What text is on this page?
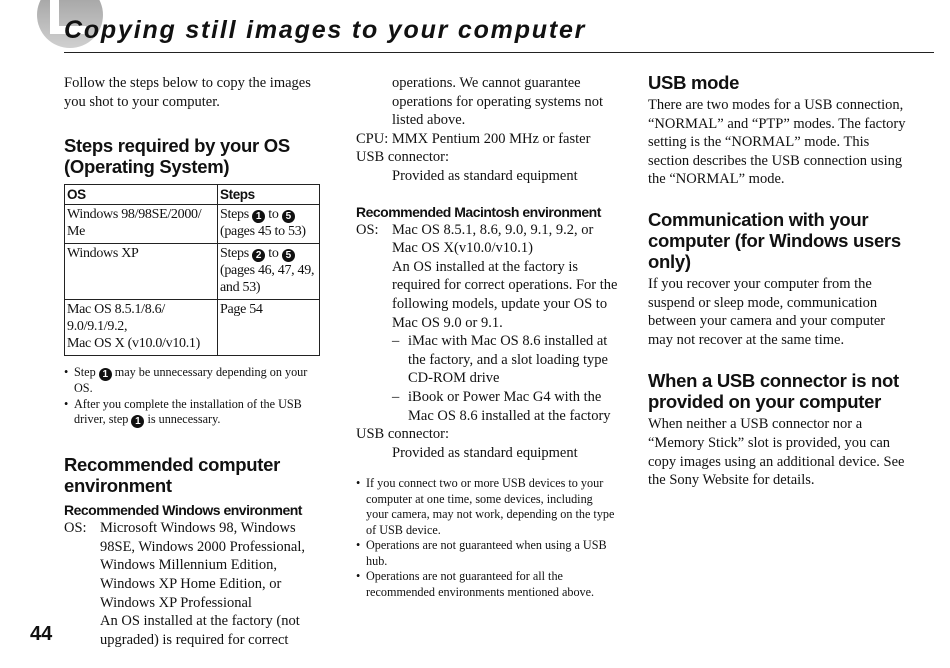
Copying still images to your computer

Follow the steps below to copy the images you shot to your computer.

Steps required by your OS (Operating System)
OS	Steps
Windows 98/98SE/2000/ Me	Steps 1 to 5
(pages 45 to 53)
Windows XP	Steps 2 to 5
(pages 46, 47, 49, and 53)
Mac OS 8.5.1/8.6/
9.0/9.1/9.2,
Mac OS X (v10.0/v10.1)	Page 54
• Step 1 may be unnecessary depending on your OS.
• After you complete the installation of the USB driver, step 1 is unnecessary.
Recommended computer environment
Recommended Windows environment
OS: Microsoft Windows 98, Windows 98SE, Windows 2000 Professional, Windows Millennium Edition, Windows XP Home Edition, or Windows XP Professional

An OS installed at the factory (not upgraded) is required for correct

operations. We cannot guarantee operations for operating systems not listed above.

CPU: MMX Pentium 200 MHz or faster

USB connector:

Provided as standard equipment

Recommended Macintosh environment
OS: Mac OS 8.5.1, 8.6, 9.0, 9.1, 9.2, or Mac OS X(v10.0/v10.1)

An OS installed at the factory is required for correct operations. For the following models, update your OS to Mac OS 9.0 or 9.1.

– iMac with Mac OS 8.6 installed at the factory, and a slot loading type CD-ROM drive
– iBook or Power Mac G4 with the Mac OS 8.6 installed at the factory

USB connector:

Provided as standard equipment

• If you connect two or more USB devices to your computer at one time, some devices, including your camera, may not work, depending on the type of USB device.
• Operations are not guaranteed when using a USB hub.
• Operations are not guaranteed for all the recommended environments mentioned above.
USB mode

There are two modes for a USB connection, “NORMAL” and “PTP” modes. The factory setting is the “NORMAL” mode. This section describes the USB connection using the “NORMAL” mode.

Communication with your computer (for Windows users only)

If you recover your computer from the suspend or sleep mode, communication between your camera and your computer may not recover at the same time.

When a USB connector is not provided on your computer

When neither a USB connector nor a “Memory Stick” slot is provided, you can copy images using an additional device. See the Sony Website for details.

44
